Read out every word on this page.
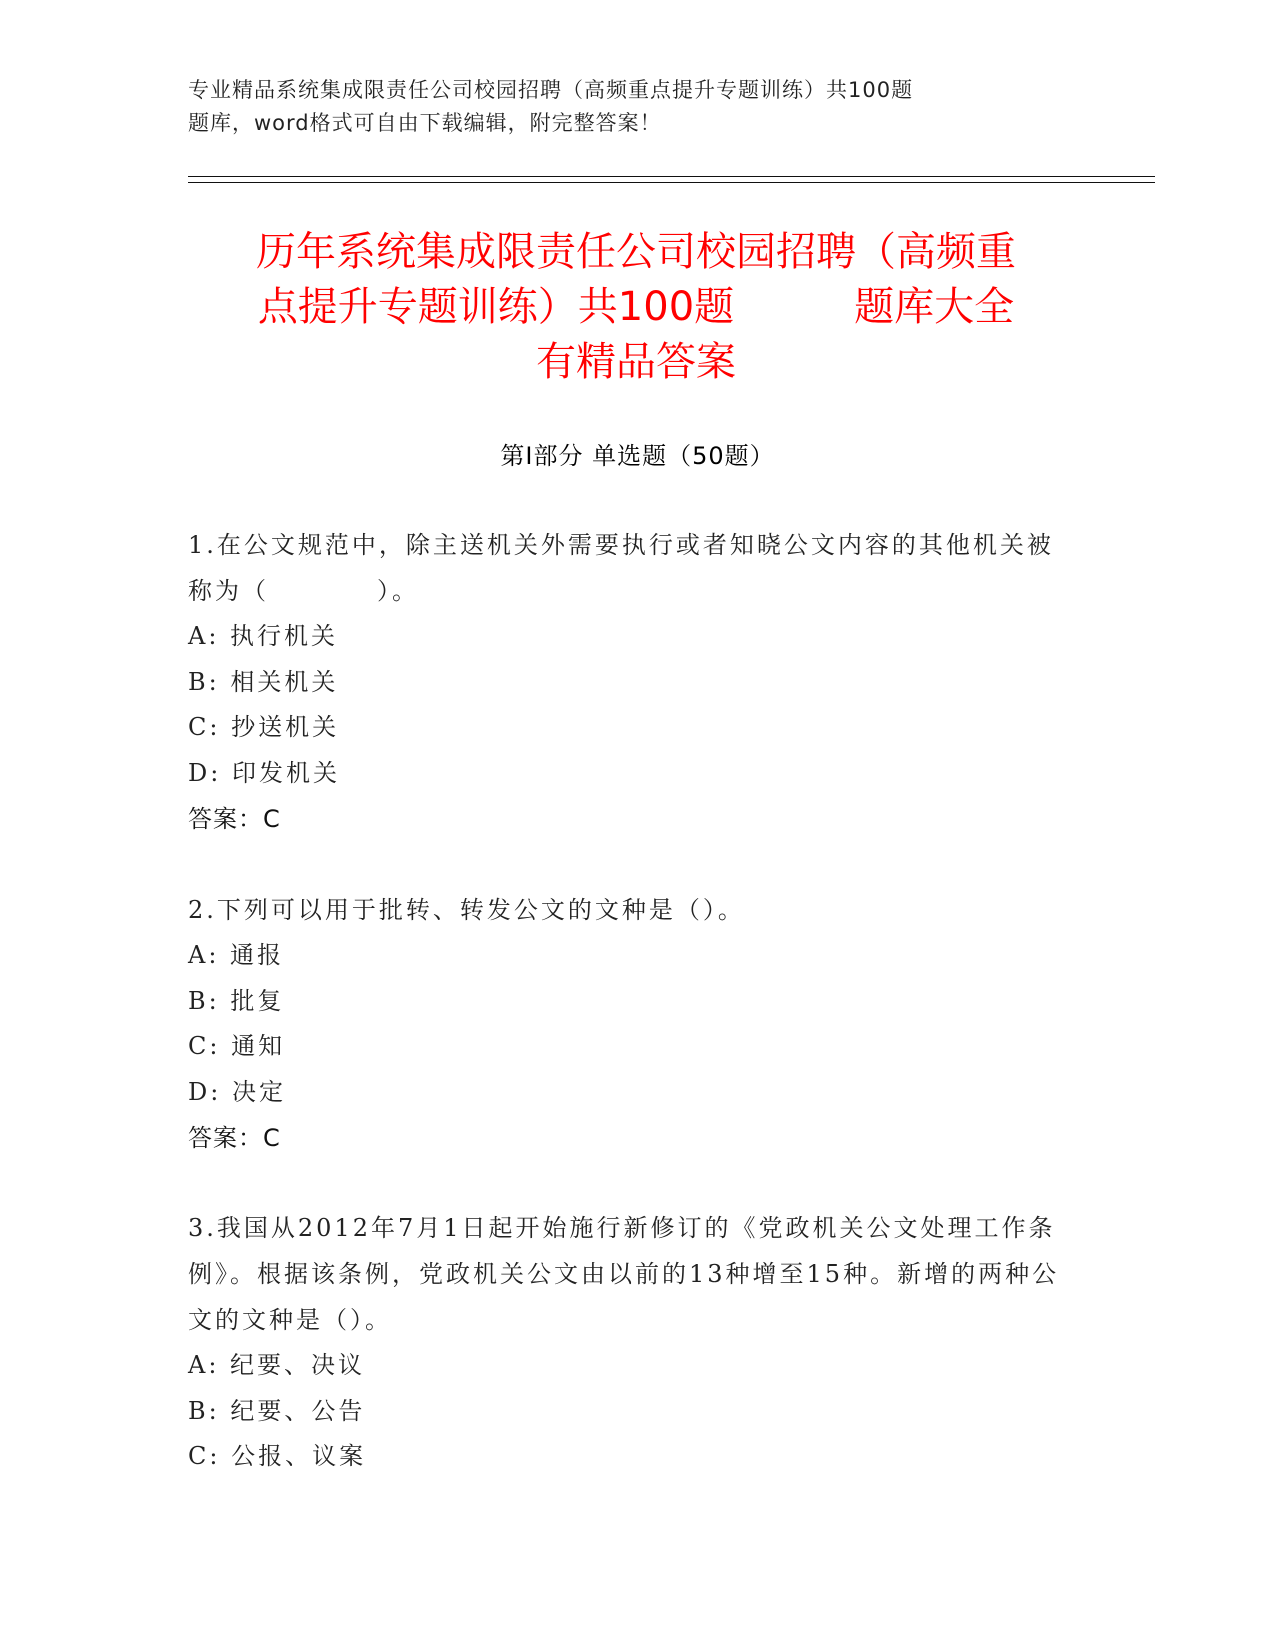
专业精品系统集成限责任公司校园招聘（高频重点提升专题训练）共100题
题库，word格式可自由下载编辑，附完整答案！
历年系统集成限责任公司校园招聘（高频重
点提升专题训练）共100题　　　题库大全
有精品答案
第Ⅰ部分 单选题（50题）
1.在公文规范中，除主送机关外需要执行或者知晓公文内容的其他机关被称为（　　　　）。
A: 执行机关
B: 相关机关
C: 抄送机关
D: 印发机关
答案：C
2.下列可以用于批转、转发公文的文种是（）。
A: 通报
B: 批复
C: 通知
D: 决定
答案：C
3.我国从2012年7月1日起开始施行新修订的《党政机关公文处理工作条例》。根据该条例，党政机关公文由以前的13种增至15种。新增的两种公文的文种是（）。
A: 纪要、决议
B: 纪要、公告
C: 公报、议案
